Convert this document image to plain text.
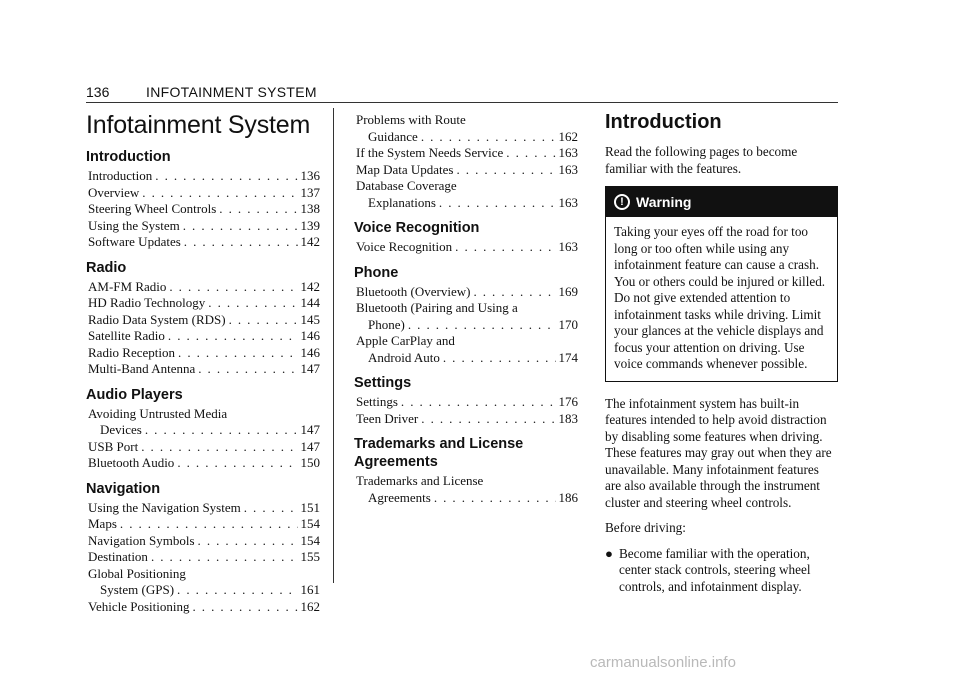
136	INFOTAINMENT SYSTEM
Infotainment System
Introduction
Introduction . . .	136
Overview . . .	137
Steering Wheel Controls . . .	138
Using the System . . .	139
Software Updates . . .	142
Radio
AM-FM Radio . . .	142
HD Radio Technology . . .	144
Radio Data System (RDS) . . .	145
Satellite Radio . . .	146
Radio Reception . . .	146
Multi-Band Antenna . . .	147
Audio Players
Avoiding Untrusted Media
Devices . . .	147
USB Port . . .	147
Bluetooth Audio . . .	150
Navigation
Using the Navigation System . . .	151
Maps . . .	154
Navigation Symbols . . .	154
Destination . . .	155
Global Positioning
System (GPS) . . .	161
Vehicle Positioning . . .	162
Problems with Route
Guidance . . .	162
If the System Needs Service . . .	163
Map Data Updates . . .	163
Database Coverage
Explanations . . .	163
Voice Recognition
Voice Recognition . . .	163
Phone
Bluetooth (Overview) . . .	169
Bluetooth (Pairing and Using a
Phone) . . .	170
Apple CarPlay and
Android Auto . . .	174
Settings
Settings . . .	176
Teen Driver . . .	183
Trademarks and License
Agreements
Trademarks and License
Agreements . . .	186
Introduction

Read the following pages to become familiar with the features.

! Warning
Taking your eyes off the road for too long or too often while using any infotainment feature can cause a crash. You or others could be injured or killed. Do not give extended attention to infotainment tasks while driving. Limit your glances at the vehicle displays and focus your attention on driving. Use voice commands whenever possible.

The infotainment system has built-in features intended to help avoid distraction by disabling some features when driving. These features may gray out when they are unavailable. Many infotainment features are also available through the instrument cluster and steering wheel controls.

Before driving:

● Become familiar with the operation, center stack controls, steering wheel controls, and infotainment display.
carmanualsonline.info
